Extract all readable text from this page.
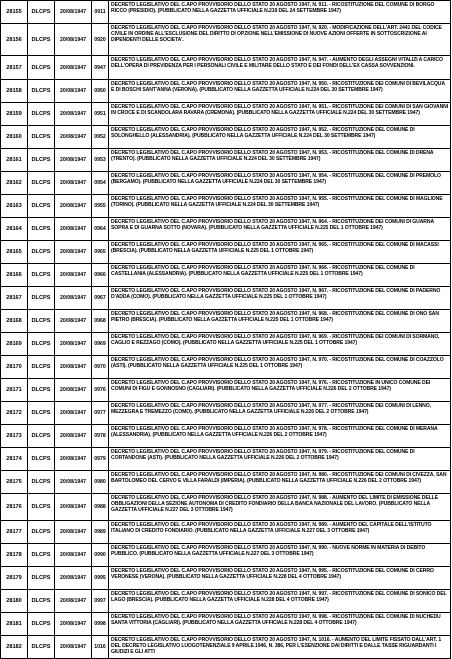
28155	DLCPS	20/08/1947	0911	DECRETO LEGISLATIVO DEL C.APO PROVVISORIO DELLO STATO 20 AGOSTO 1947, N. 911. - RICOSTITUZIONE DEL COMUNE DI BORGO RICCO (PRESIDIO). (PUBBLICATO NELLA GAZZETTA UFFICIALE N.219 DEL 24 SETTEMBRE 1947)

28156	DLCPS	20/08/1947	0920	DECRETO LEGISLATIVO DEL C.APO PROVVISORIO DELLO STATO 20 AGOSTO 1947, N. 920. - MODIFICAZIONE DELL'ART. 2441 DEL CODICE CIVILE IN ORDINE ALL'ESCLUSIONE DEL DIRITTO DI OPZIONE NELL'EMISSIONE DI NUOVE AZIONI OFFERTE IN SOTTOSCRIZIONE AI DIPENDENTI DELLE SOCIETA'.

28157	DLCPS	20/08/1947	0947	DECRETO LEGISLATIVO DEL C.APO PROVVISORIO DELLO STATO 20 AGOSTO 1947, N. 947. - AUMENTO DEGLI ASSEGNI VITALIZI A CARICO DELL'OPERA DI PREVIDENZA PER I PERSONALI CIVILE E MILITARE DELLO STATO E DEI FONDI DELL'EX CASSA SOVVENZIONI.

28158	DLCPS	20/08/1947	0950	DECRETO LEGISLATIVO DEL C.APO PROVVISORIO DELLO STATO 20 AGOSTO 1947, N. 950. - RICOSTITUZIONE DEI COMUNI DI BEVILACQUA E DI BOSCHI SANT'ANNA (VERONA). (PUBBLICATO NELLA GAZZETTA UFFICIALE N.224 DEL 30 SETTEMBRE 1947)

28159	DLCPS	20/08/1947	0951	DECRETO LEGISLATIVO DEL C.APO PROVVISORIO DELLO STATO 20 AGOSTO 1947, N. 951. - RICOSTITUZIONE DEI COMUNI DI SAN GIOVANNI IN CROCE E DI SCANDOLARA RAVARA (CREMONA). (PUBBLICATO NELLA GAZZETTA UFFICIALE N.224 DEL 30 SETTEMBRE 1947)

28160	DLCPS	20/08/1947	0952	DECRETO LEGISLATIVO DEL C.APO PROVVISORIO DELLO STATO 20 AGOSTO 1947, N. 952. - RICOSTITUZIONE DEL COMUNE DI SOLONGHELLO (ALESSANDRIA). (PUBBLICATO NELLA GAZZETTA UFFICIALE N.224 DEL 30 SETTEMBRE 1947)

28161	DLCPS	20/08/1947	0953	DECRETO LEGISLATIVO DEL C.APO PROVVISORIO DELLO STATO 20 AGOSTO 1947, N. 953. - RICOSTITUZIONE DEL COMUNE DI DRENA (TRENTO). (PUBBLICATO NELLA GAZZETTA UFFICIALE N.224 DEL 30 SETTEMBRE 1947)

28162	DLCPS	20/08/1947	0954	DECRETO LEGISLATIVO DEL C.APO PROVVISORIO DELLO STATO 20 AGOSTO 1947, N. 954. - RICOSTITUZIONE DEL COMUNE DI PREMOLO (BERGAMO). (PUBBLICATO NELLA GAZZETTA UFFICIALE N.224 DEL 30 SETTEMBRE 1947)

28163	DLCPS	20/08/1947	0955	DECRETO LEGISLATIVO DEL C.APO PROVVISORIO DELLO STATO 20 AGOSTO 1947, N. 955. - RICOSTITUZIONE DEL COMUNE DI MAGLIONE (TORINO). (PUBBLICATO NELLA GAZZETTA UFFICIALE N.224 DEL 30 SETTEMBRE 1947)

28164	DLCPS	20/08/1947	0964	DECRETO LEGISLATIVO DEL C.APO PROVVISORIO DELLO STATO 20 AGOSTO 1947, N. 964. - RICOSTITUZIONE DEI COMUNI DI GUARNA SOPRA E DI GUARNA SOTTO (NOVARA). (PUBBLICATO NELLA GAZZETTA UFFICIALE N.225 DEL 1 OTTOBRE 1947)

28165	DLCPS	20/08/1947	0965	DECRETO LEGISLATIVO DEL C.APO PROVVISORIO DELLO STATO 20 AGOSTO 1947, N. 965. - RICOSTITUZIONE DEL COMUNE DI MACASSI (BRESCIA). (PUBBLICATO NELLA GAZZETTA UFFICIALE N.225 DEL 1 OTTOBRE 1947)

28166	DLCPS	20/08/1947	0966	DECRETO LEGISLATIVO DEL C.APO PROVVISORIO DELLO STATO 20 AGOSTO 1947, N. 966. - RICOSTITUZIONE DEL COMUNE DI CASTELLANIA (ALESSANDRIA). (PUBBLICATO NELLA GAZZETTA UFFICIALE N.225 DEL 1 OTTOBRE 1947)

28167	DLCPS	20/08/1947	0967	DECRETO LEGISLATIVO DEL C.APO PROVVISORIO DELLO STATO 20 AGOSTO 1947, N. 967. - RICOSTITUZIONE DEL COMUNE DI PADERNO D'ADDA (COMO). (PUBBLICATO NELLA GAZZETTA UFFICIALE N.225 DEL 1 OTTOBRE 1947)

28168	DLCPS	20/08/1947	0968	DECRETO LEGISLATIVO DEL C.APO PROVVISORIO DELLO STATO 20 AGOSTO 1947, N. 968. - RICOSTITUZIONE DEL COMUNE DI ONO SAN PIETRO (BRESCIA). (PUBBLICATO NELLA GAZZETTA UFFICIALE N.225 DEL 1 OTTOBRE 1947)

28169	DLCPS	20/08/1947	0969	DECRETO LEGISLATIVO DEL C.APO PROVVISORIO DELLO STATO 20 AGOSTO 1947, N. 969. - RICOSTITUZIONE DEI COMUNI DI SORMANO, CAGLIO E REZZAGO (COMO). (PUBBLICATO NELLA GAZZETTA UFFICIALE N.225 DEL 1 OTTOBRE 1947)

28170	DLCPS	20/08/1947	0970	DECRETO LEGISLATIVO DEL C.APO PROVVISORIO DELLO STATO 20 AGOSTO 1947, N. 970. - RICOSTITUZIONE DEL COMUNE DI COAZZOLO (ASTI). (PUBBLICATO NELLA GAZZETTA UFFICIALE N.225 DEL 1 OTTOBRE 1947)

28171	DLCPS	20/08/1947	0976	DECRETO LEGISLATIVO DEL C.APO PROVVISORIO DELLO STATO 20 AGOSTO 1947, N. 976. - RICOSTITUZIONE IN UNICO COMUNE DEI COMUNI DI FIGU E GONNOSNO (CAGLIARI). (PUBBLICATO NELLA GAZZETTA UFFICIALE N.226 DEL 2 OTTOBRE 1947)

28172	DLCPS	20/08/1947	0977	DECRETO LEGISLATIVO DEL C.APO PROVVISORIO DELLO STATO 20 AGOSTO 1947, N. 977. - RICOSTITUZIONE DEI COMUNI DI LENNO, MEZZEGRA E TREMEZZO (COMO). (PUBBLICATO NELLA GAZZETTA UFFICIALE N.226 DEL 2 OTTOBRE 1947)

28173	DLCPS	20/08/1947	0978	DECRETO LEGISLATIVO DEL C.APO PROVVISORIO DELLO STATO 20 AGOSTO 1947, N. 978. - RICOSTITUZIONE DEL COMUNE DI MERANA (ALESSANDRIA). (PUBBLICATO NELLA GAZZETTA UFFICIALE N.226 DEL 2 OTTOBRE 1947)

28174	DLCPS	20/08/1947	0979	DECRETO LEGISLATIVO DEL C.APO PROVVISORIO DELLO STATO 20 AGOSTO 1947, N. 979. - RICOSTITUZIONE DEL COMUNE DI CORTANDONE (ASTI). (PUBBLICATO NELLA GAZZETTA UFFICIALE N.226 DEL 2 OTTOBRE 1947)

28175	DLCPS	20/08/1947	0980	DECRETO LEGISLATIVO DEL C.APO PROVVISORIO DELLO STATO 20 AGOSTO 1947, N. 980. - RICOSTITUZIONE DEI COMUNI DI CIVEZZA, SAN BARTOLOMEO DEL CERVO E VILLA FARALDI (IMPERIA). (PUBBLICATO NELLA GAZZETTA UFFICIALE N.226 DEL 2 OTTOBRE 1947)

28176	DLCPS	20/08/1947	0988	DECRETO LEGISLATIVO DEL C.APO PROVVISORIO DELLO STATO 20 AGOSTO 1947, N. 988. - AUMENTO DEL LIMITE DI EMISSIONE DELLE OBBLIGAZIONI DELLA SEZIONE AUTONOMA DI CREDITO FONDIARIO DELLA BANCA NAZIONALE DEL LAVORO. (PUBBLICATO NELLA GAZZETTA UFFICIALE N.227 DEL 3 OTTOBRE 1947)

28177	DLCPS	20/08/1947	0989	DECRETO LEGISLATIVO DEL C.APO PROVVISORIO DELLO STATO 20 AGOSTO 1947, N. 989. - AUMENTO DEL CAPITALE DELL'ISTITUTO ITALIANO DI CREDITO FONDIARIO. (PUBBLICATO NELLA GAZZETTA UFFICIALE N.227 DEL 3 OTTOBRE 1947)

28178	DLCPS	20/08/1947	0990	DECRETO LEGISLATIVO DEL C.APO PROVVISORIO DELLO STATO 20 AGOSTO 1947, N. 990. - NUOVE NORME IN MATERIA DI DEBITO PUBBLICO. (PUBBLICATO NELLA GAZZETTA UFFICIALE N.227 DEL 3 OTTOBRE 1947)

28179	DLCPS	20/08/1947	0995	DECRETO LEGISLATIVO DEL C.APO PROVVISORIO DELLO STATO 20 AGOSTO 1947, N. 995. - RICOSTITUZIONE DEL COMUNE DI CERRO VERONESE (VERONA). (PUBBLICATO NELLA GAZZETTA UFFICIALE N.228 DEL 4 OTTOBRE 1947)

28180	DLCPS	20/08/1947	0997	DECRETO LEGISLATIVO DEL C.APO PROVVISORIO DELLO STATO 20 AGOSTO 1947, N. 997. - RICOSTITUZIONE DEL COMUNE DI SONICO DEL LAGO (BRESCIA). (PUBBLICATO NELLA GAZZETTA UFFICIALE N.228 DEL 4 OTTOBRE 1947)

28181	DLCPS	20/08/1947	0998	DECRETO LEGISLATIVO DEL C.APO PROVVISORIO DELLO STATO 20 AGOSTO 1947, N. 998. - RICOSTITUZIONE DEL COMUNE DI NUCHEDU SANTA VITTORIA (CAGLIARI). (PUBBLICATO NELLA GAZZETTA UFFICIALE N.228 DEL 4 OTTOBRE 1947)

28182	DLCPS	20/08/1947	1016	DECRETO LEGISLATIVO DEL C.APO PROVVISORIO DELLO STATO 20 AGOSTO 1947, N. 1016. - AUMENTO DEL LIMITE FISSATO DALL'ART. 1 DEL DECRETO LEGISLATIVO LUOGOTENENZIALE 9 APRILE 1946, N. 386, PER L'ESENZIONE DAI DIRITTI E DALLE TASSE RIGUARDANTI I GIUDIZI E GLI ATTI
